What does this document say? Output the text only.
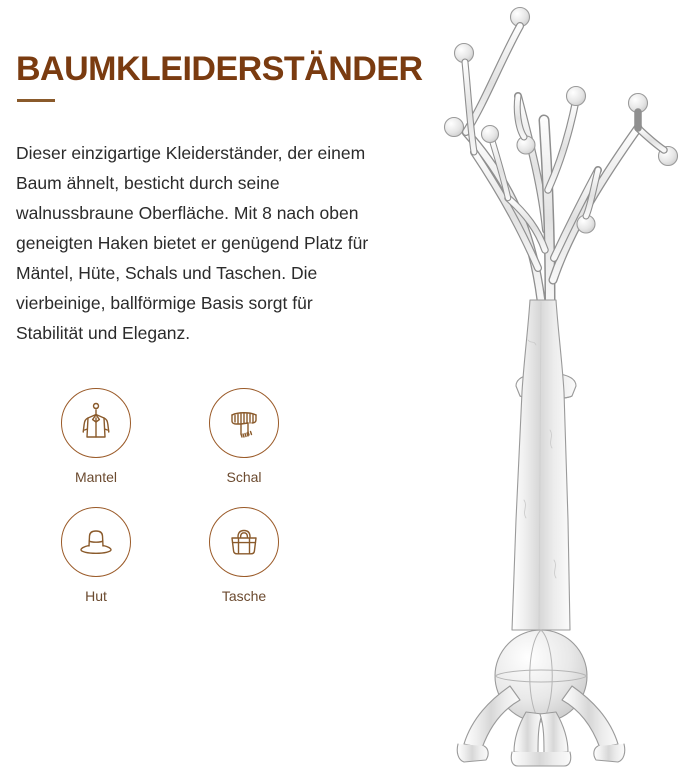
BAUMKLEIDERSTÄNDER
Dieser einzigartige Kleiderständer, der einem Baum ähnelt, besticht durch seine walnussbraune Oberfläche. Mit 8 nach oben geneigten Haken bietet er genügend Platz für Mäntel, Hüte, Schals und Taschen. Die vierbeinige, ballförmige Basis sorgt für Stabilität und Eleganz.
Mantel	Schal
Hut	Tasche
